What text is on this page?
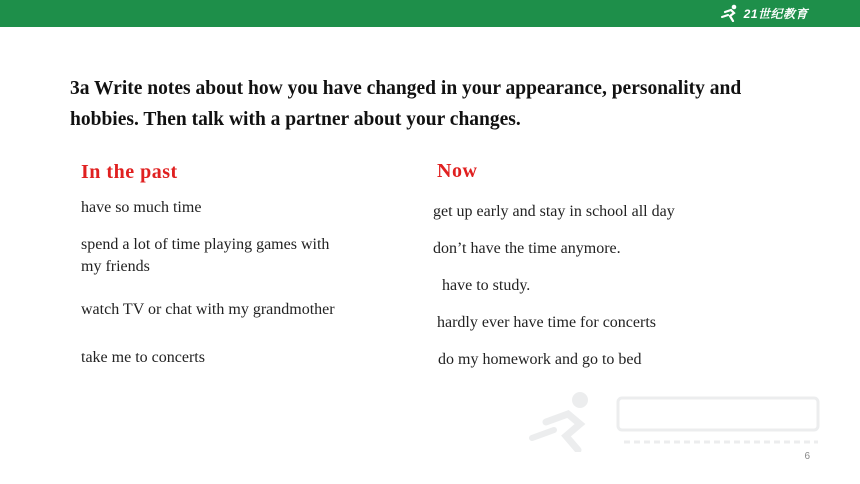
21世纪教育
3a Write notes about how you have changed in your appearance, personality and hobbies. Then talk with a partner about your changes.
In the past	Now
have so much time
spend a lot of time playing games with my friends
watch TV or chat with my grandmother
take me to concerts
get up early and stay in school all day
don’t have the time anymore.
have to study.
hardly ever have time for concerts
do my homework and go to bed
6
